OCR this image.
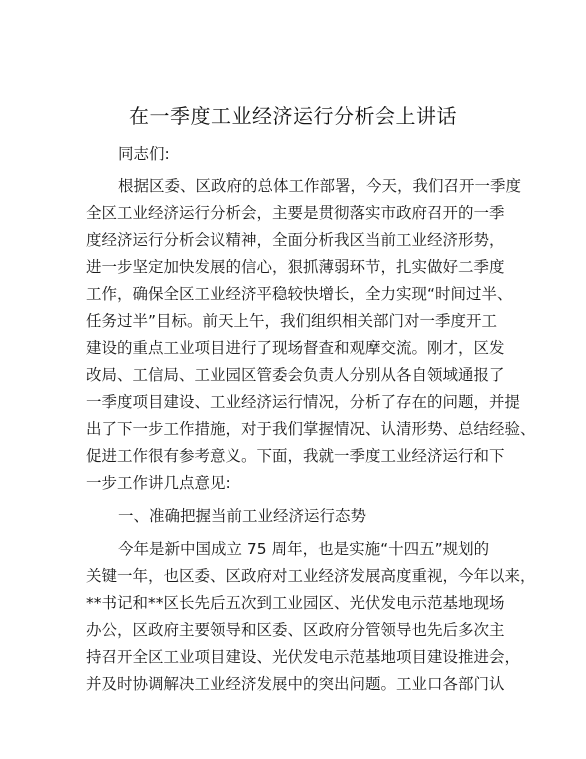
在一季度工业经济运行分析会上讲话
同志们:
根据区委、区政府的总体工作部署，今天，我们召开一季度
全区工业经济运行分析会，主要是贯彻落实市政府召开的一季
度经济运行分析会议精神，全面分析我区当前工业经济形势，
进一步坚定加快发展的信心，狠抓薄弱环节，扎实做好二季度
工作，确保全区工业经济平稳较快增长，全力实现“时间过半、
任务过半”目标。前天上午，我们组织相关部门对一季度开工
建设的重点工业项目进行了现场督查和观摩交流。刚才，区发
改局、工信局、工业园区管委会负责人分别从各自领域通报了
一季度项目建设、工业经济运行情况，分析了存在的问题，并提
出了下一步工作措施，对于我们掌握情况、认清形势、总结经验、
促进工作很有参考意义。下面，我就一季度工业经济运行和下
一步工作讲几点意见:
一、准确把握当前工业经济运行态势
今年是新中国成立 75 周年，也是实施“十四五”规划的
关键一年，也区委、区政府对工业经济发展高度重视，今年以来，
**书记和**区长先后五次到工业园区、光伏发电示范基地现场
办公，区政府主要领导和区委、区政府分管领导也先后多次主
持召开全区工业项目建设、光伏发电示范基地项目建设推进会，
并及时协调解决工业经济发展中的突出问题。工业口各部门认
